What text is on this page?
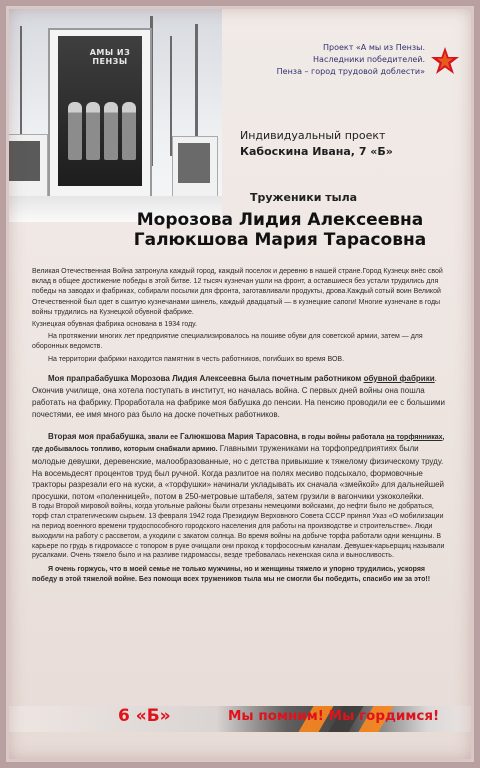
АМЫ ИЗ ПЕНЗЫ
Проект «А мы из Пензы.
Наследники победителей.
Пенза – город трудовой доблести»
Индивидуальный проект
Кабоскина Ивана, 7 «Б»
Труженики тыла
Морозова Лидия Алексеевна
Галюкшова Мария Тарасовна

Великая Отечественная Война затронула каждый город, каждый поселок и деревню в нашей стране.Город Кузнецк внёс свой вклад в общее достижение победы в этой битве. 12 тысяч кузнечан ушли на фронт, а оставшиеся без устали трудились для победы на заводах и фабриках, собирали посылки для фронта, заготавливали продукты, дрова.Каждый сотый воин Великой Отечественной был одет в сшитую кузнечанами шинель, каждый двадцатый — в кузнецкие сапоги! Многие кузнечане в годы войны трудились на Кузнецкой обувной фабрике.

Кузнецкая обувная фабрика основана в 1934 году.

На протяжении многих лет предприятие специализировалось на пошиве обуви для советской армии, затем — для оборонных ведомств.

На территории фабрики находится памятник в честь работников, погибших во время ВОВ.

Моя прапрабабушка Морозова Лидия Алексеевна была почетным работником обувной фабрики. Окончив училище, она хотела поступать в институт, но началась война. С первых дней войны она пошла работать на фабрику. Проработала на фабрике моя бабушка до пенсии. На пенсию проводили ее с большими почестями, ее имя много раз было на доске почетных работников.

Вторая моя прабабушка, звали ее Галюкшова Мария Тарасовна, в годы войны работала на торфянниках, где добывалось топливо, которым снабжали армию. Главными тружениками на торфопредприятиях были молодые девушки, деревенские, малообразованные, но с детства привыкшие к тяжелому физическому труду. На восемьдесят процентов труд был ручной. Когда разлитое на полях месиво подсыхало, формовочные тракторы разрезали его на куски, а «торфушки» начинали укладывать их сначала «змейкой» для дальнейшей просушки, потом «поленницей», потом в 250-метровые штабеля, затем грузили в вагончики узкоколейки.

В годы Второй мировой войны, когда угольные районы были отрезаны немецкими войсками, до нефти было не добраться, торф стал стратегическим сырьем. 13 февраля 1942 года Президиум Верховного Совета СССР принял Указ «О мобилизации на период военного времени трудоспособного городского населения для работы на производстве и строительстве». Люди выходили на работу с рассветом, а уходили с закатом солнца. Во время войны на добыче торфа работали одни женщины. В карьере по грудь в гидромассе с топором в руке очищали они проход к торфососным каналам. Девушек-карьерщиц называли русалками. Очень тяжело было и на разливе гидромассы, везде требовалась некенская сила и выносливость.

Я очень горжусь, что в моей семье не только мужчины, но и женщины тяжело и упорно трудились, ускоряя победу в этой тяжелой войне. Без помощи всех тружеников тыла мы не смогли бы победить, спасибо им за это!!

6 «Б»	Мы помним! Мы гордимся!
